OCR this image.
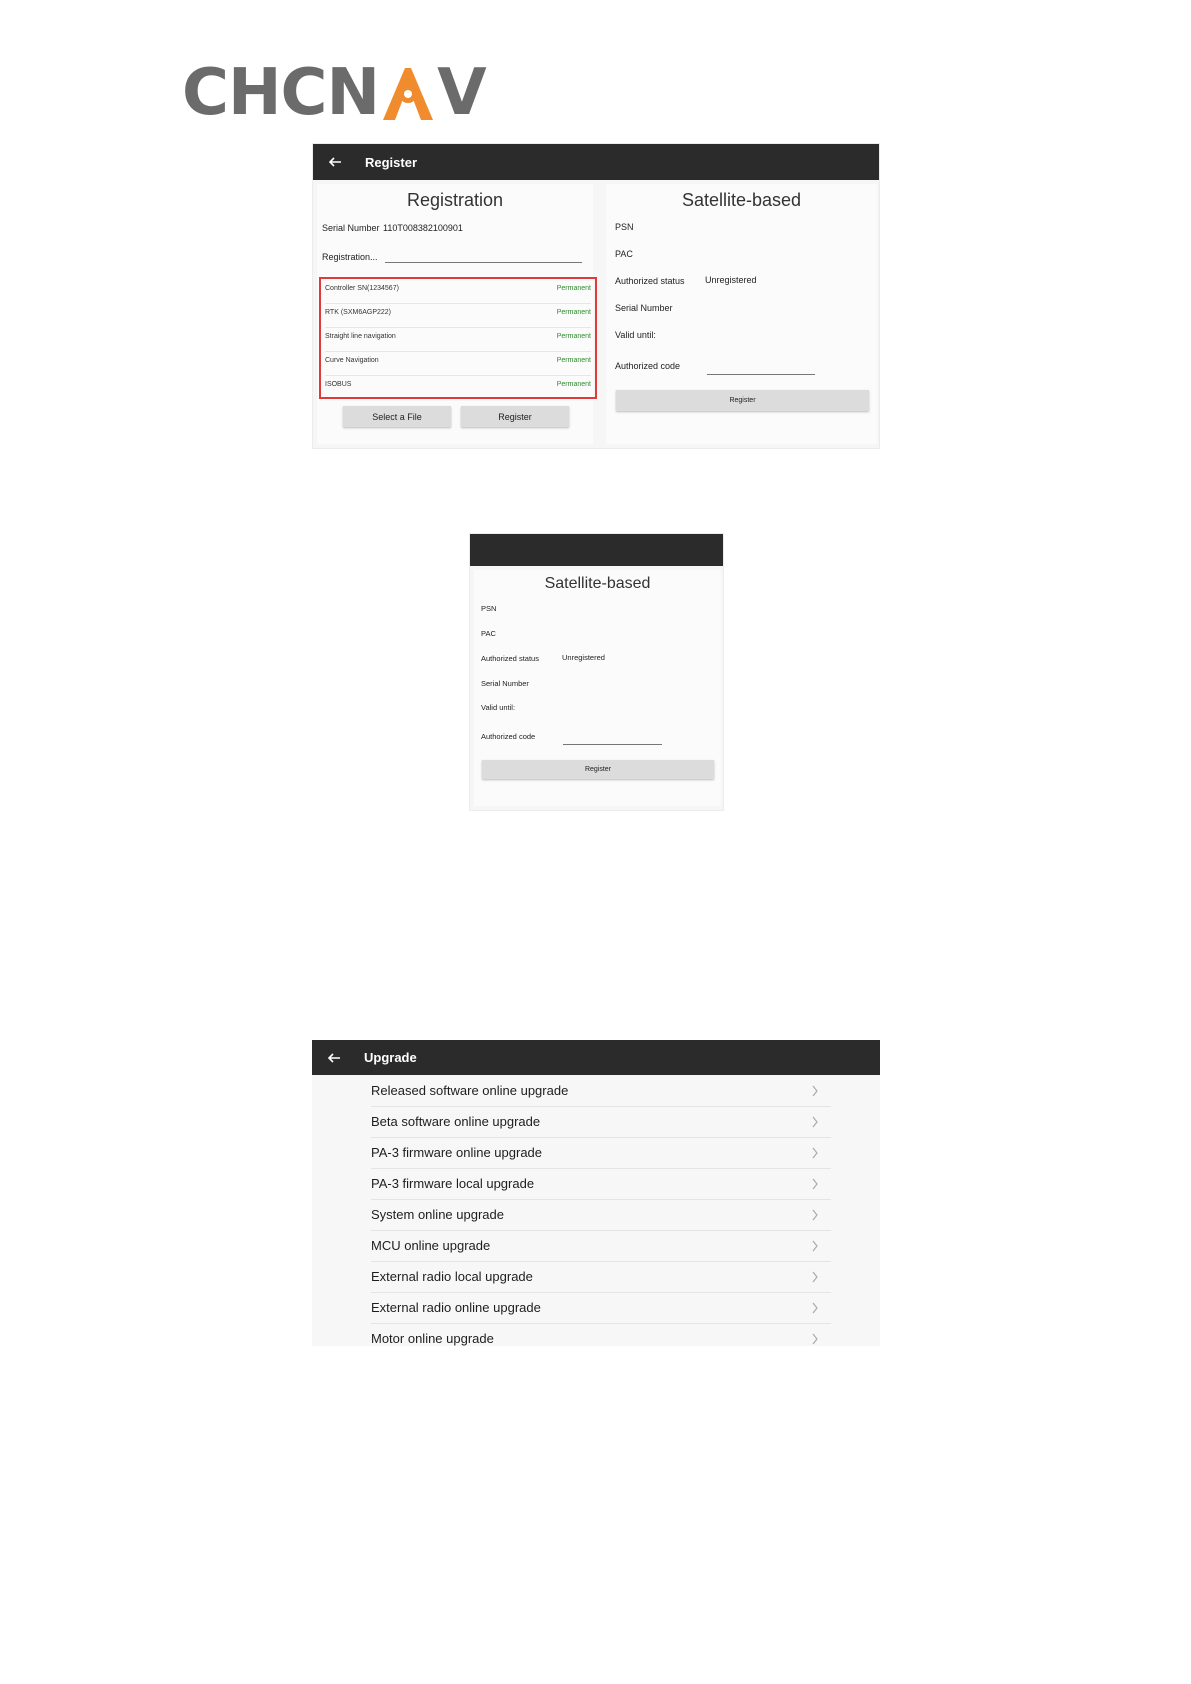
CHCN V
Register
Registration
Serial Number 110T008382100901
Registration...
Controller SN(1234567)	Permanent
RTK (SXM6AGP222)	Permanent
Straight line navigation	Permanent
Curve Navigation	Permanent
ISOBUS	Permanent
Select a File	Register
Satellite-based
PSN
PAC
Authorized status Unregistered
Serial Number
Valid until:
Authorized code
Register
Satellite-based
PSN
PAC
Authorized status	Unregistered
Serial Number
Valid until:
Authorized code
Register
Upgrade
Released software online upgrade
Beta software online upgrade
PA-3 firmware online upgrade
PA-3 firmware local upgrade
System online upgrade
MCU online upgrade
External radio local upgrade
External radio online upgrade
Motor online upgrade
